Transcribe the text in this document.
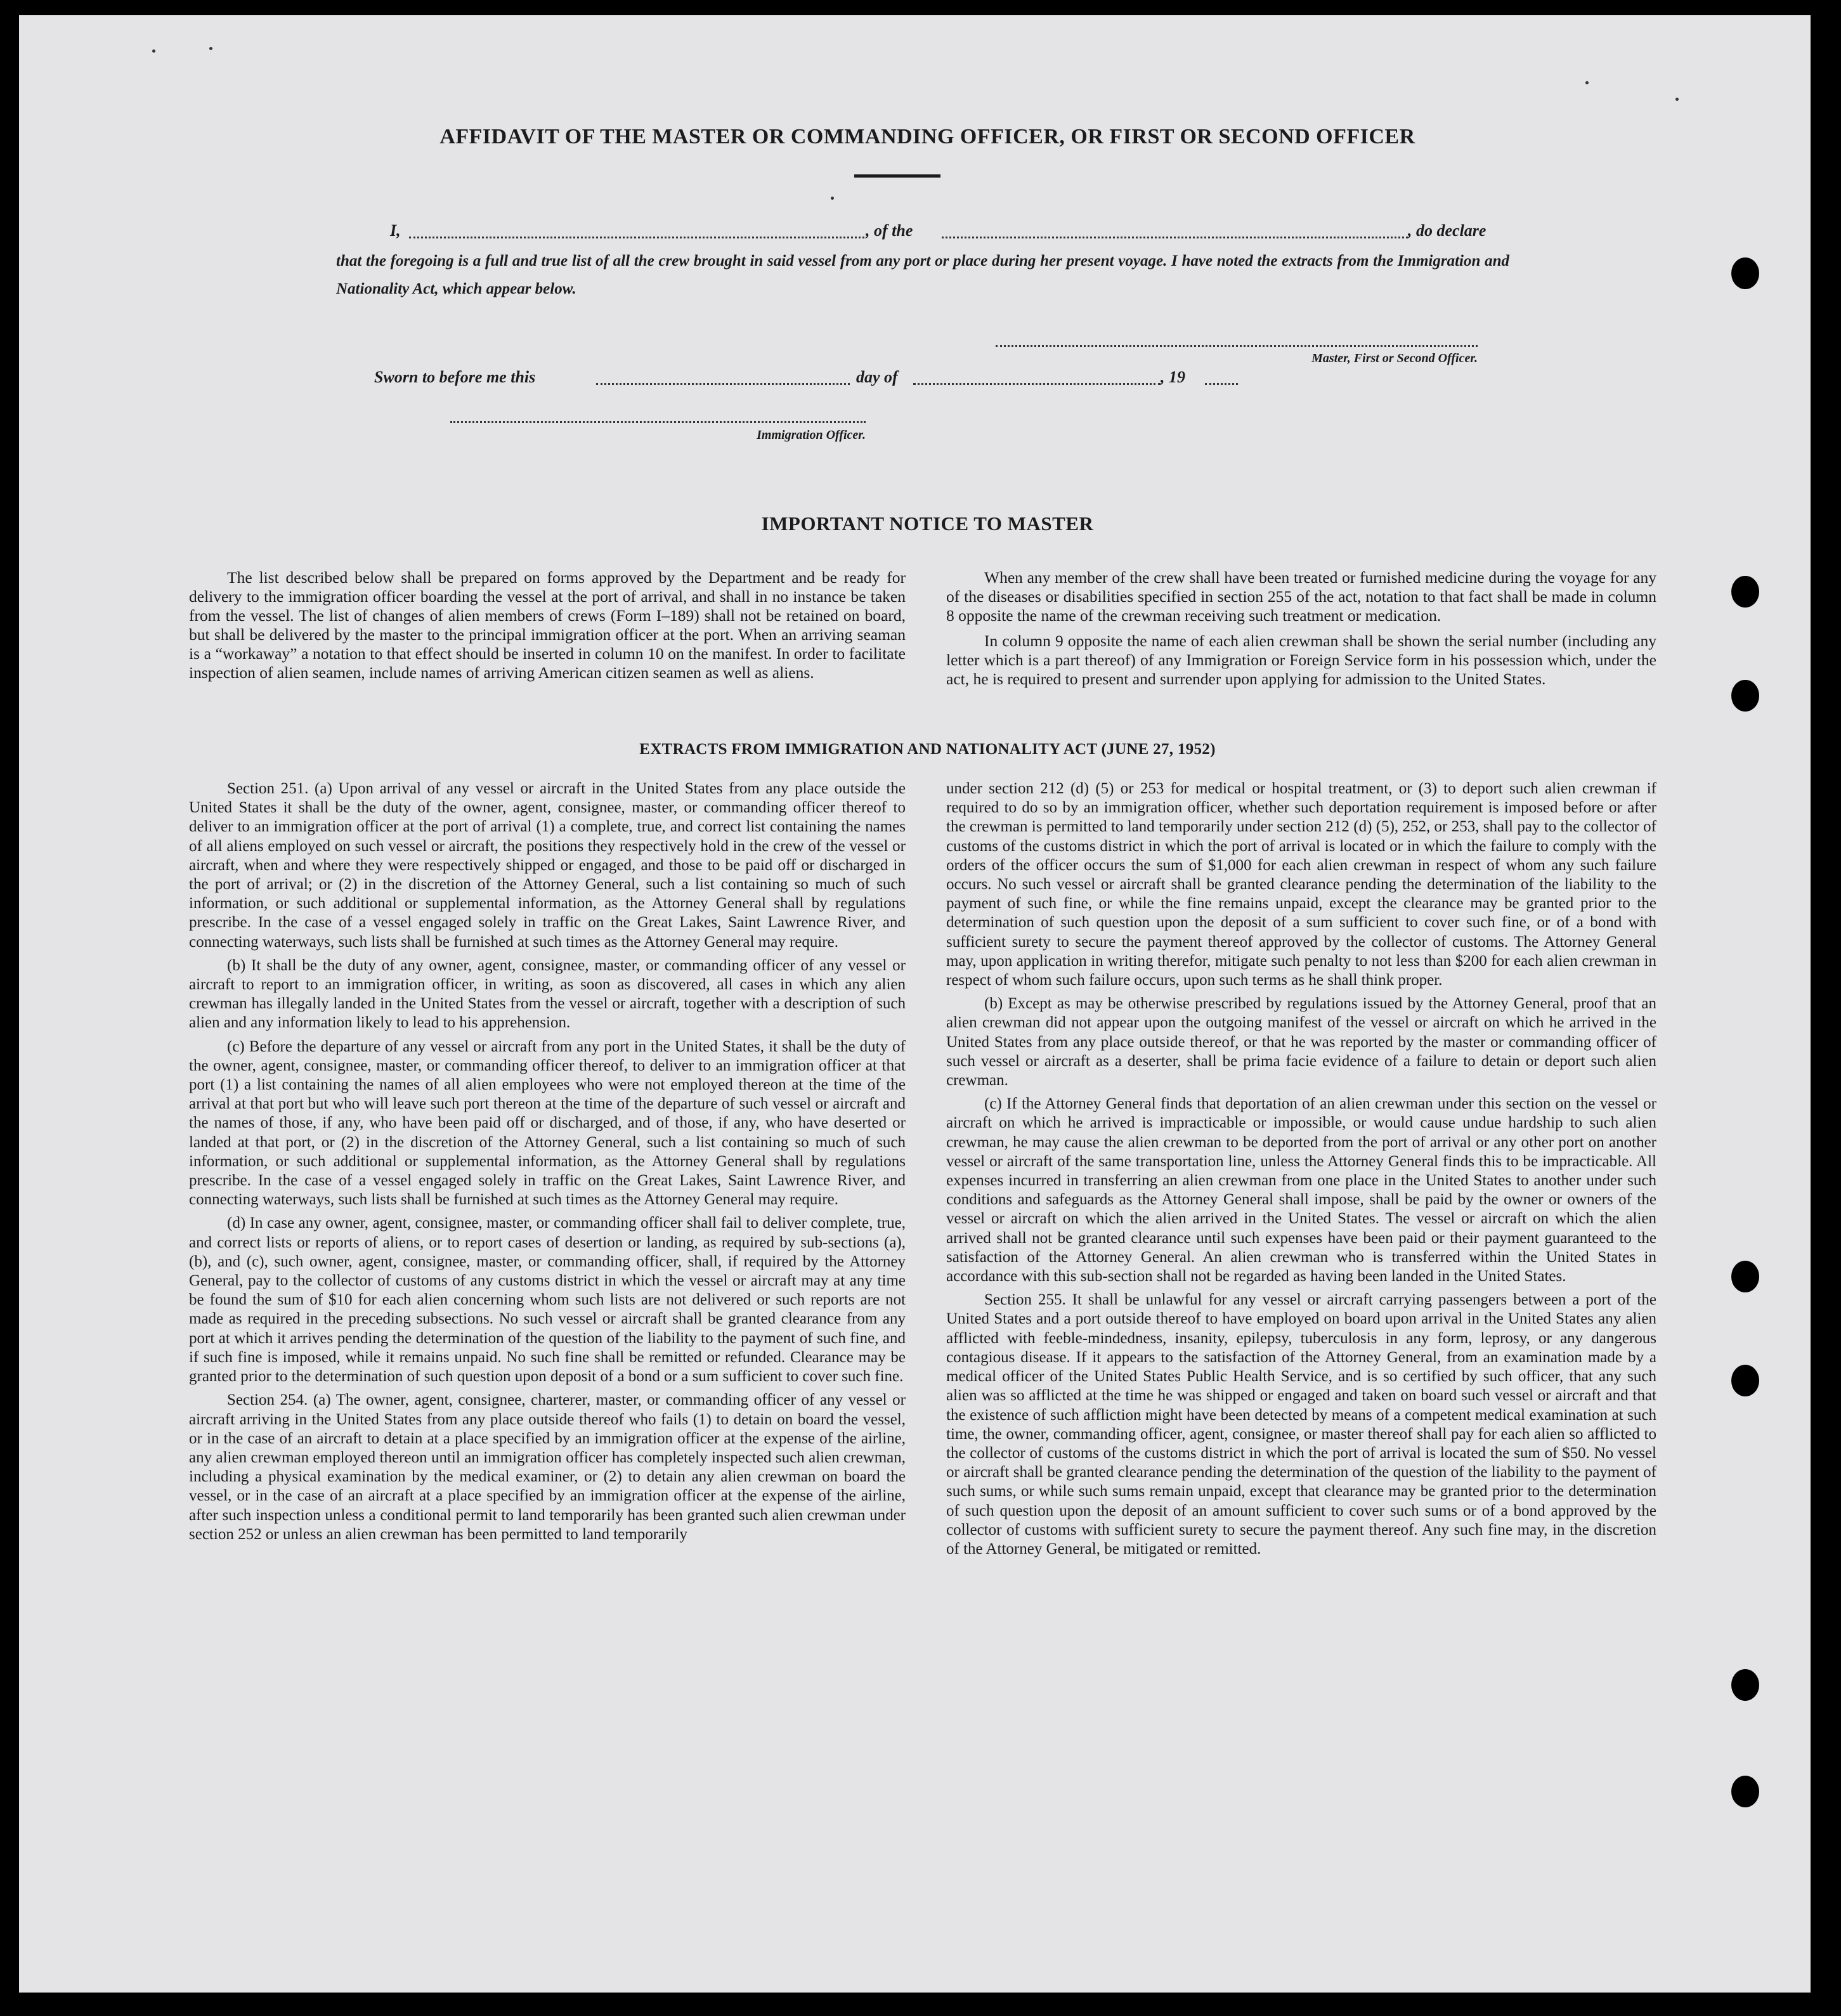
AFFIDAVIT OF THE MASTER OR COMMANDING OFFICER, OR FIRST OR SECOND OFFICER
I,	, of the	, do declare
that the foregoing is a full and true list of all the crew brought in said vessel from any port or place during her present voyage. I have noted the extracts from the Immigration and Nationality Act, which appear below.
Master, First or Second Officer.
Sworn to before me this	day of	, 19
Immigration Officer.
IMPORTANT NOTICE TO MASTER

The list described below shall be prepared on forms approved by the Department and be ready for delivery to the immigration officer boarding the vessel at the port of arrival, and shall in no instance be taken from the vessel. The list of changes of alien members of crews (Form I–189) shall not be retained on board, but shall be delivered by the master to the principal immigration officer at the port. When an arriving seaman is a “workaway” a notation to that effect should be inserted in column 10 on the manifest. In order to facilitate inspection of alien seamen, include names of arriving American citizen seamen as well as aliens.

When any member of the crew shall have been treated or furnished medicine during the voyage for any of the diseases or disabilities specified in section 255 of the act, notation to that fact shall be made in column 8 opposite the name of the crewman receiving such treatment or medication.

In column 9 opposite the name of each alien crewman shall be shown the serial number (including any letter which is a part thereof) of any Immigration or Foreign Service form in his possession which, under the act, he is required to present and surrender upon applying for admission to the United States.

EXTRACTS FROM IMMIGRATION AND NATIONALITY ACT (JUNE 27, 1952)

Section 251. (a) Upon arrival of any vessel or aircraft in the United States from any place outside the United States it shall be the duty of the owner, agent, consignee, master, or commanding officer thereof to deliver to an immigration officer at the port of arrival (1) a complete, true, and correct list containing the names of all aliens employed on such vessel or aircraft, the positions they respectively hold in the crew of the vessel or aircraft, when and where they were respectively shipped or engaged, and those to be paid off or discharged in the port of arrival; or (2) in the discretion of the Attorney General, such a list containing so much of such information, or such additional or supplemental information, as the Attorney General shall by regulations prescribe. In the case of a vessel engaged solely in traffic on the Great Lakes, Saint Lawrence River, and connecting waterways, such lists shall be furnished at such times as the Attorney General may require.

(b) It shall be the duty of any owner, agent, consignee, master, or commanding officer of any vessel or aircraft to report to an immigration officer, in writing, as soon as discovered, all cases in which any alien crewman has illegally landed in the United States from the vessel or aircraft, together with a description of such alien and any information likely to lead to his apprehension.

(c) Before the departure of any vessel or aircraft from any port in the United States, it shall be the duty of the owner, agent, consignee, master, or commanding officer thereof, to deliver to an immigration officer at that port (1) a list containing the names of all alien employees who were not employed thereon at the time of the arrival at that port but who will leave such port thereon at the time of the departure of such vessel or aircraft and the names of those, if any, who have been paid off or discharged, and of those, if any, who have deserted or landed at that port, or (2) in the discretion of the Attorney General, such a list containing so much of such information, or such additional or supplemental information, as the Attorney General shall by regulations prescribe. In the case of a vessel engaged solely in traffic on the Great Lakes, Saint Lawrence River, and connecting waterways, such lists shall be furnished at such times as the Attorney General may require.

(d) In case any owner, agent, consignee, master, or commanding officer shall fail to deliver complete, true, and correct lists or reports of aliens, or to report cases of desertion or landing, as required by sub-sections (a), (b), and (c), such owner, agent, consignee, master, or commanding officer, shall, if required by the Attorney General, pay to the collector of customs of any customs district in which the vessel or aircraft may at any time be found the sum of $10 for each alien concerning whom such lists are not delivered or such reports are not made as required in the preceding subsections. No such vessel or aircraft shall be granted clearance from any port at which it arrives pending the determination of the question of the liability to the payment of such fine, and if such fine is imposed, while it remains unpaid. No such fine shall be remitted or refunded. Clearance may be granted prior to the determination of such question upon deposit of a bond or a sum sufficient to cover such fine.

Section 254. (a) The owner, agent, consignee, charterer, master, or commanding officer of any vessel or aircraft arriving in the United States from any place outside thereof who fails (1) to detain on board the vessel, or in the case of an aircraft to detain at a place specified by an immigration officer at the expense of the airline, any alien crewman employed thereon until an immigration officer has completely inspected such alien crewman, including a physical examination by the medical examiner, or (2) to detain any alien crewman on board the vessel, or in the case of an aircraft at a place specified by an immigration officer at the expense of the airline, after such inspection unless a conditional permit to land temporarily has been granted such alien crewman under section 252 or unless an alien crewman has been permitted to land temporarily

under section 212 (d) (5) or 253 for medical or hospital treatment, or (3) to deport such alien crewman if required to do so by an immigration officer, whether such deportation requirement is imposed before or after the crewman is permitted to land temporarily under section 212 (d) (5), 252, or 253, shall pay to the collector of customs of the customs district in which the port of arrival is located or in which the failure to comply with the orders of the officer occurs the sum of $1,000 for each alien crewman in respect of whom any such failure occurs. No such vessel or aircraft shall be granted clearance pending the determination of the liability to the payment of such fine, or while the fine remains unpaid, except the clearance may be granted prior to the determination of such question upon the deposit of a sum sufficient to cover such fine, or of a bond with sufficient surety to secure the payment thereof approved by the collector of customs. The Attorney General may, upon application in writing therefor, mitigate such penalty to not less than $200 for each alien crewman in respect of whom such failure occurs, upon such terms as he shall think proper.

(b) Except as may be otherwise prescribed by regulations issued by the Attorney General, proof that an alien crewman did not appear upon the outgoing manifest of the vessel or aircraft on which he arrived in the United States from any place outside thereof, or that he was reported by the master or commanding officer of such vessel or aircraft as a deserter, shall be prima facie evidence of a failure to detain or deport such alien crewman.

(c) If the Attorney General finds that deportation of an alien crewman under this section on the vessel or aircraft on which he arrived is impracticable or impossible, or would cause undue hardship to such alien crewman, he may cause the alien crewman to be deported from the port of arrival or any other port on another vessel or aircraft of the same transportation line, unless the Attorney General finds this to be impracticable. All expenses incurred in transferring an alien crewman from one place in the United States to another under such conditions and safeguards as the Attorney General shall impose, shall be paid by the owner or owners of the vessel or aircraft on which the alien arrived in the United States. The vessel or aircraft on which the alien arrived shall not be granted clearance until such expenses have been paid or their payment guaranteed to the satisfaction of the Attorney General. An alien crewman who is transferred within the United States in accordance with this sub-section shall not be regarded as having been landed in the United States.

Section 255. It shall be unlawful for any vessel or aircraft carrying passengers between a port of the United States and a port outside thereof to have employed on board upon arrival in the United States any alien afflicted with feeble-mindedness, insanity, epilepsy, tuberculosis in any form, leprosy, or any dangerous contagious disease. If it appears to the satisfaction of the Attorney General, from an examination made by a medical officer of the United States Public Health Service, and is so certified by such officer, that any such alien was so afflicted at the time he was shipped or engaged and taken on board such vessel or aircraft and that the existence of such affliction might have been detected by means of a competent medical examination at such time, the owner, commanding officer, agent, consignee, or master thereof shall pay for each alien so afflicted to the collector of customs of the customs district in which the port of arrival is located the sum of $50. No vessel or aircraft shall be granted clearance pending the determination of the question of the liability to the payment of such sums, or while such sums remain unpaid, except that clearance may be granted prior to the determination of such question upon the deposit of an amount sufficient to cover such sums or of a bond approved by the collector of customs with sufficient surety to secure the payment thereof. Any such fine may, in the discretion of the Attorney General, be mitigated or remitted.
